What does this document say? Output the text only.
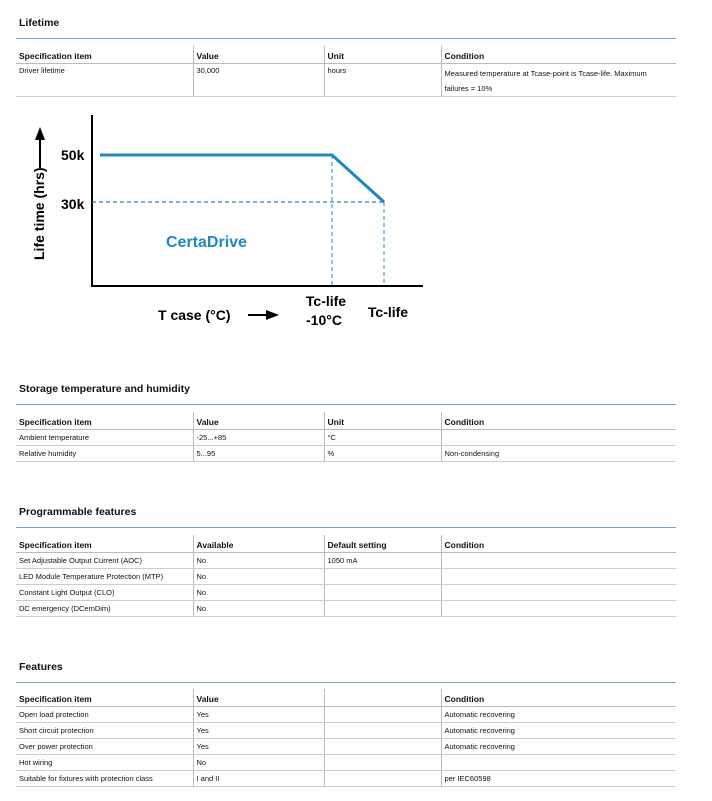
Lifetime
Specification item	Value	Unit	Condition
Driver lifetime	30,000	hours	Measured temperature at Tcase-point is Tcase-life. Maximum failures = 10%
Life time (hrs)
50k
30k
CertaDrive
T case (°C)
Tc-life
-10°C Tc-life
Storage temperature and humidity
Specification item	Value	Unit	Condition
Ambient temperature	-25...+85	°C	
Relative humidity	5...95	%	Non-condensing
Programmable features
Specification item	Available	Default setting	Condition
Set Adjustable Output Current (AOC)	No	1050 mA	
LED Module Temperature Protection (MTP)	No		
Constant Light Output (CLO)	No		
DC emergency (DCemDim)	No		
Features
Specification item	Value		Condition
Open load protection	Yes		Automatic recovering
Short circuit protection	Yes		Automatic recovering
Over power protection	Yes		Automatic recovering
Hot wiring	No		
Suitable for fixtures with protection class	I and II		per IEC60598
